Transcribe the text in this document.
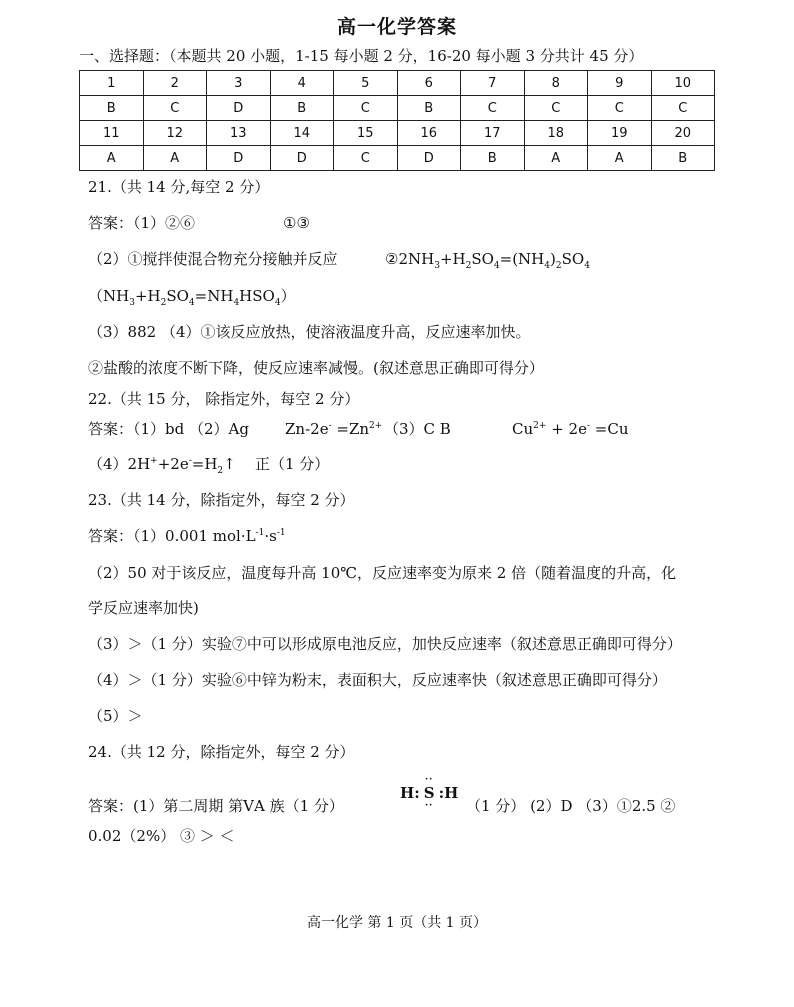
高一化学答案
一、选择题：（本题共 20 小题，1-15 每小题 2 分，16-20 每小题 3 分共计 45 分）
1	2	3	4	5	6	7	8	9	10
B	C	D	B	C	B	C	C	C	C
11	12	13	14	15	16	17	18	19	20
A	A	D	D	C	D	B	A	A	B
21.（共 14 分,每空 2 分）
答案：（1）②⑥	①③
（2）①搅拌使混合物充分接触并反应	$②2NH_3+H_2SO_4=(NH_4)_2SO_4$
$(NH_3+H_2SO_4=NH_4HSO_4)$
（3）882 （4）①该反应放热，使溶液温度升高，反应速率加快。
②盐酸的浓度不断下降，使反应速率减慢。(叙述意思正确即可得分）
22.（共 15 分， 除指定外，每空 2 分）
答案：（1）bd （2）Ag $Zn-2e^- =Zn^{2+}$ （3）C B	$Cu^{2+} + 2e^- =Cu$
$(4)2H^++2e^-=H_2↑$ 正（1 分）
23.（共 14 分，除指定外，每空 2 分）
答案：（1）0.001 $mol\cdot L^{-1}\cdot s^{-1}$
（2）50 对于该反应，温度每升高 10℃，反应速率变为原来 2 倍（随着温度的升高，化
学反应速率加快)
（3）＞（1 分）实验⑦中可以形成原电池反应，加快反应速率（叙述意思正确即可得分）
（4）＞（1 分）实验⑥中锌为粉末，表面积大，反应速率快（叙述意思正确即可得分）
（5）＞
24.（共 12 分，除指定外，每空 2 分）
答案：(1）第二周期 第ⅤA 族（1 分）
H:
··
S
··
:H
（1 分） (2）D （3）①2.5 ②
0.02（2%） ③ ＞ ＜
高一化学 第 1 页（共 1 页）
